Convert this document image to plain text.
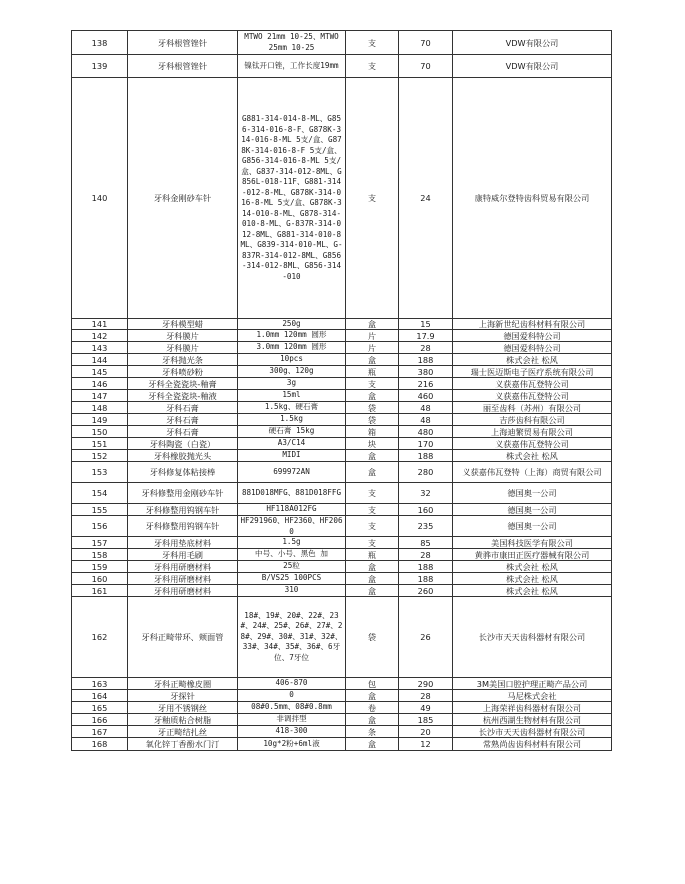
138	牙科根管锉针	MTWO 21mm 10-25、MTWO 25mm 10-25	支	70	VDW有限公司

139	牙科根管锉针	镍钛开口锉，工作长度19mm	支	70	VDW有限公司

140	牙科金刚砂车针	G881-314-014-8-ML、G856-314-016-8-F、G878K-314-016-8-ML 5支/盒、G878K-314-016-8-F 5支/盒、G856-314-016-8-ML 5支/盒、G837-314-012-8ML、G856L-018-11F、G881-314-012-8-ML、G878K-314-016-8-ML 5支/盒、G878K-314-010-8-ML、G878-314-010-8-ML、G-837R-314-012-8ML、G881-314-010-8ML、G839-314-010-ML、G-837R-314-012-8ML、G856-314-012-8ML、G856-314-010	支	24	康特威尔登特齿科贸易有限公司

141	牙科模型蜡	250g	盒	15	上海新世纪齿科材料有限公司

142	牙科膜片	1.0mm 120mm 圆形	片	17.9	德国爱科特公司

143	牙科膜片	3.0mm 120mm 圆形	片	28	德国爱科特公司

144	牙科抛光条	10pcs	盒	188	株式会社 松风

145	牙科喷砂粉	300g、120g	瓶	380	瑞士医迈斯电子医疗系统有限公司

146	牙科全瓷瓷块-釉膏	3g	支	216	义获嘉伟瓦登特公司

147	牙科全瓷瓷块-釉液	15ml	盒	460	义获嘉伟瓦登特公司

148	牙科石膏	1.5kg、硬石膏	袋	48	丽至齿科（苏州）有限公司

149	牙科石膏	1.5kg	袋	48	吉莎齿科有限公司

150	牙科石膏	硬石膏 15kg	箱	480	上海迪繁贸易有限公司

151	牙科陶瓷（白瓷）	A3/C14	块	170	义获嘉伟瓦登特公司

152	牙科橡胶抛光头	MIDI	盒	188	株式会社 松风

153	牙科修复体粘接棒	699972AN	盒	280	义获嘉伟瓦登特（上海）商贸有限公司

154	牙科修整用金刚砂车针	881D018MFG、881D018FFG	支	32	德国奥一公司

155	牙科修整用钨钢车针	HF118A012FG	支	160	德国奥一公司

156	牙科修整用钨钢车针	HF291960、HF2360、HF2060	支	235	德国奥一公司

157	牙科用垫底材料	1.5g	支	85	美国科技医学有限公司

158	牙科用毛刷	中号、小号、黑色 加	瓶	28	黄骅市康田正医疗器械有限公司

159	牙科用研磨材料	25粒	盒	188	株式会社 松风

160	牙科用研磨材料	B/VS25 100PCS	盒	188	株式会社 松风

161	牙科用研磨材料	310	盒	260	株式会社 松风

162	牙科正畸带环、颊面管	18#、19#、20#、22#、23#、24#、25#、26#、27#、28#、29#、30#、31#、32#、33#、34#、35#、36#、6牙位、7牙位	袋	26	长沙市天天齿科器材有限公司

163	牙科正畸橡皮圈	406-870	包	290	3M美国口腔护理正畸产品公司

164	牙探针	0	盒	28	马尼株式会社

165	牙用不锈钢丝	08#0.5mm、08#0.8mm	卷	49	上海荣祥齿科器材有限公司

166	牙釉质粘合树脂	非调拌型	盒	185	杭州西湖生物材料有限公司

167	牙正畸结扎丝	418-300	条	20	长沙市天天齿科器材有限公司

168	氧化锌丁香酚水门汀	10g*2粉+6ml液	盒	12	常熟尚齿齿科材料有限公司
